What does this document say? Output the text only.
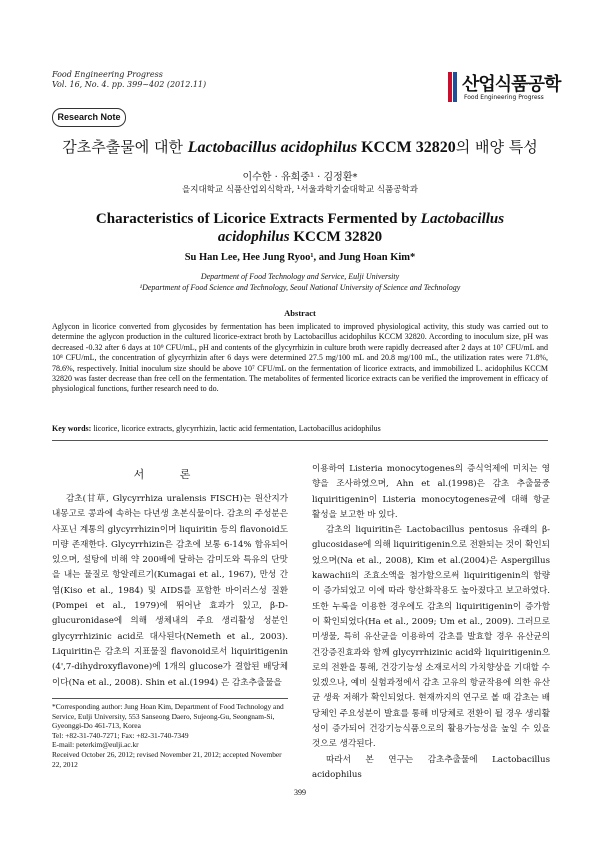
Food Engineering Progress
Vol. 16, No. 4. pp. 399~402 (2012.11)	산업식품공학
Food Engineering Progress
Research Note
감초추출물에 대한 Lactobacillus acidophilus KCCM 32820의 배양 특성
이수한 · 유희중¹ · 김정환*
을지대학교 식품산업외식학과, ¹서울과학기술대학교 식품공학과
Characteristics of Licorice Extracts Fermented by Lactobacillus
acidophilus KCCM 32820
Su Han Lee, Hee Jung Ryoo¹, and Jung Hoan Kim*
Department of Food Technology and Service, Eulji University
¹Department of Food Science and Technology, Seoul National University of Science and Technology
Abstract
Aglycon in licorice converted from glycosides by fermentation has been implicated to improved physiological activity, this study was carried out to determine the aglycon production in the cultured licorice-extract broth by Lactobacillus acidophilus KCCM 32820. According to inoculum size, pH was decreased -0.32 after 6 days at 10⁹ CFU/mL, pH and contents of the glycyrrhizin in culture broth were rapidly decreased after 2 days at 10⁷ CFU/mL and 10⁸ CFU/mL, the concentration of glycyrrhizin after 6 days were determined 27.5 mg/100 mL and 20.8 mg/100 mL, the utilization rates were 71.8%, 78.6%, respectively. Initial inoculum size should be above 10⁷ CFU/mL on the fermentation of licorice extracts, and immobilized L. acidophilus KCCM 32820 was faster decrease than free cell on the fermentation. The metabolites of fermented licorice extracts can be verified the improvement in efficacy of physiological functions, further research need to do.
Key words: licorice, licorice extracts, glycyrrhizin, lactic acid fermentation, Lactobacillus acidophilus
서 론

감초(甘草, Glycyrrhiza uralensis FISCH)는 원산지가 내몽고로 콩과에 속하는 다년생 초본식물이다. 감초의 주성분은 사포닌 계통의 glycyrrhizin이며 liquiritin 등의 flavonoid도 미량 존재한다. Glycyrrhizin은 감초에 보통 6-14% 함유되어 있으며, 설탕에 비해 약 200배에 달하는 감미도와 특유의 단맛을 내는 물질로 항알레르기(Kumagai et al., 1967), 만성 간염(Kiso et al., 1984) 및 AIDS를 포함한 바이러스성 질환(Pompei et al., 1979)에 뛰어난 효과가 있고, β-D-glucuronidase에 의해 생체내의 주요 생리활성 성분인 glycyrrhizinic acid로 대사된다(Nemeth et al., 2003). Liquiritin은 감초의 지표물질 flavonoid로서 liquiritigenin (4',7-dihydroxyflavone)에 1개의 glucose가 결합된 배당체이다(Na et al., 2008). Shin et al.(1994) 은 감초추출물을

이용하여 Listeria monocytogenes의 증식억제에 미치는 영향을 조사하였으며, Ahn et al.(1998)은 감초 추출물중 liquiritigenin이 Listeria monocytogenes균에 대해 항균 활성을 보고한 바 있다.

감초의 liquiritin은 Lactobacillus pentosus 유래의 β-glucosidase에 의해 liquiritigenin으로 전환되는 것이 확인되었으며(Na et al., 2008), Kim et al.(2004)은 Aspergillus kawachii의 조효소액을 첨가함으로써 liquiritigenin의 함량이 증가되었고 이에 따라 항산화작용도 높아졌다고 보고하였다. 또한 누룩을 이용한 경우에도 감초의 liquiritigenin이 증가함이 확인되었다(Ha et al., 2009; Um et al., 2009). 그러므로 미생물, 특히 유산균을 이용하여 감초를 발효할 경우 유산균의 건강증진효과와 함께 glycyrrhizinic acid와 liquiritigenin으로의 전환을 통해, 건강기능성 소재로서의 가치향상을 기대할 수 있겠으나, 예비 실험과정에서 감초 고유의 항균작용에 의한 유산균 생육 저해가 확인되었다. 현재까지의 연구로 볼 때 감초는 배당체인 주요성분이 발효를 통해 비당체로 전환이 될 경우 생리활성이 증가되어 건강기능식품으로의 활용가능성을 높일 수 있을 것으로 생각된다.

따라서 본 연구는 감초추출물에 Lactobacillus acidophilus

*Corresponding author: Jung Hoan Kim, Department of Food Technology and Service, Eulji University, 553 Sanseong Daero, Sujeong-Gu, Seongnam-Si, Gyeonggi-Do 461-713, Korea
Tel: +82-31-740-7271; Fax: +82-31-740-7349
E-mail: peterkim@eulji.ac.kr
Received October 26, 2012; revised November 21, 2012; accepted November 22, 2012
399
